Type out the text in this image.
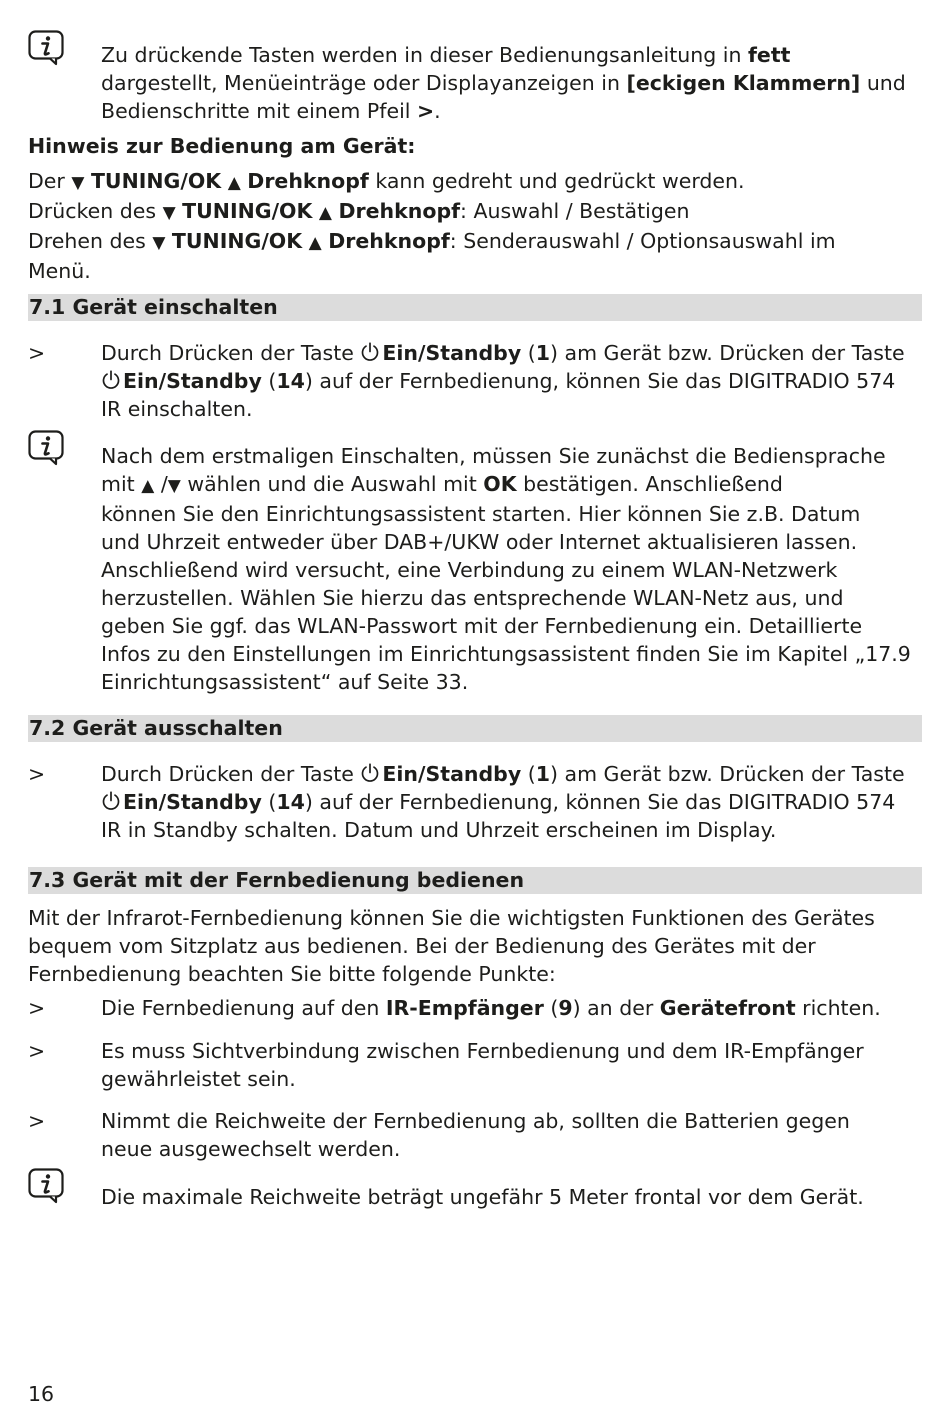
Zu drückende Tasten werden in dieser Bedienungsanleitung in fett
dargestellt, Menüeinträge oder Displayanzeigen in [eckigen Klammern] und
Bedienschritte mit einem Pfeil >.
Hinweis zur Bedienung am Gerät:
Der ▼ TUNING/OK ▲ Drehknopf kann gedreht und gedrückt werden.
Drücken des ▼ TUNING/OK ▲ Drehknopf: Auswahl / Bestätigen
Drehen des ▼ TUNING/OK ▲ Drehknopf: Senderauswahl / Optionsauswahl im
Menü.
7.1 Gerät einschalten
>	Durch Drücken der Taste Ein/Standby (1) am Gerät bzw. Drücken der Taste
Ein/Standby (14) auf der Fernbedienung, können Sie das DIGITRADIO 574
IR einschalten.
Nach dem erstmaligen Einschalten, müssen Sie zunächst die Bediensprache
mit ▲ /▼ wählen und die Auswahl mit OK bestätigen. Anschließend
können Sie den Einrichtungsassistent starten. Hier können Sie z.B. Datum
und Uhrzeit entweder über DAB+/UKW oder Internet aktualisieren lassen.
Anschließend wird versucht, eine Verbindung zu einem WLAN-Netzwerk
herzustellen. Wählen Sie hierzu das entsprechende WLAN-Netz aus, und
geben Sie ggf. das WLAN-Passwort mit der Fernbedienung ein. Detaillierte
Infos zu den Einstellungen im Einrichtungsassistent finden Sie im Kapitel „17.9
Einrichtungsassistent“ auf Seite 33.
7.2 Gerät ausschalten
>	Durch Drücken der Taste Ein/Standby (1) am Gerät bzw. Drücken der Taste
Ein/Standby (14) auf der Fernbedienung, können Sie das DIGITRADIO 574
IR in Standby schalten. Datum und Uhrzeit erscheinen im Display.
7.3 Gerät mit der Fernbedienung bedienen
Mit der Infrarot-Fernbedienung können Sie die wichtigsten Funktionen des Gerätes
bequem vom Sitzplatz aus bedienen. Bei der Bedienung des Gerätes mit der
Fernbedienung beachten Sie bitte folgende Punkte:
>	Die Fernbedienung auf den IR-Empfänger (9) an der Gerätefront richten.
>	Es muss Sichtverbindung zwischen Fernbedienung und dem IR-Empfänger
gewährleistet sein.
>	Nimmt die Reichweite der Fernbedienung ab, sollten die Batterien gegen
neue ausgewechselt werden.
Die maximale Reichweite beträgt ungefähr 5 Meter frontal vor dem Gerät.
16
